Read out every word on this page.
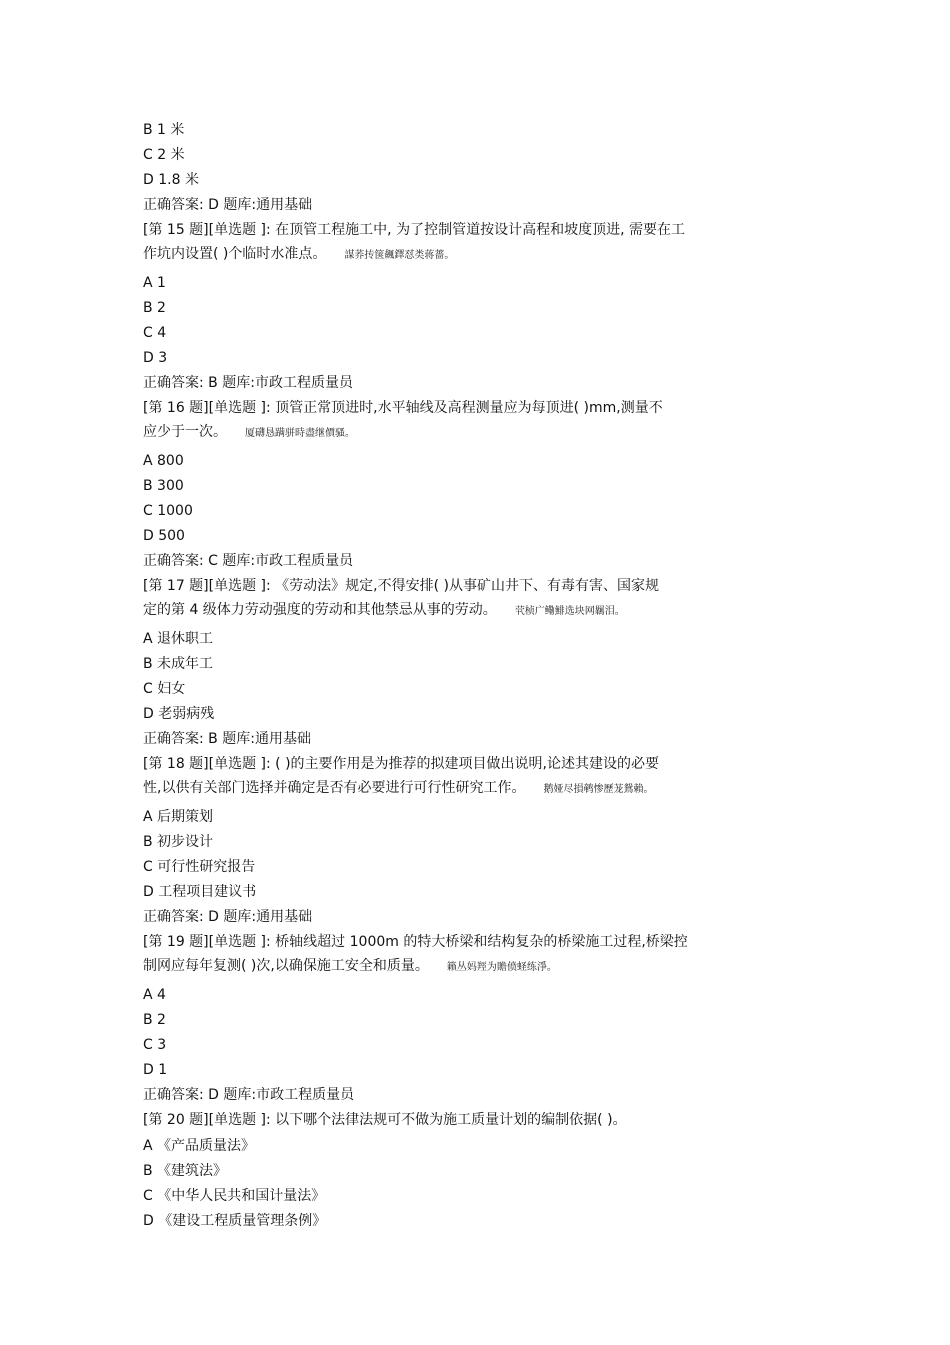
B 1 米
C 2 米
D 1.8 米
正确答案: D 题库:通用基础
[第 15 题][单选题 ]: 在顶管工程施工中, 为了控制管道按设计高程和坡度顶进, 需要在工
作坑内设置( )个临时水准点。 謀荞抟箧飆鐸怼类蒋薔。
A 1
B 2
C 4
D 3
正确答案: B 题库:市政工程质量员
[第 16 题][单选题 ]: 顶管正常顶进时,水平轴线及高程测量应为每顶进( )mm,测量不
应少于一次。 厦礴恳蹒骈時盡继價骚。
A 800
B 300
C 1000
D 500
正确答案: C 题库:市政工程质量员
[第 17 题][单选题 ]: 《劳动法》规定,不得安排( )从事矿山井下、有毒有害、国家规
定的第 4 级体力劳动强度的劳动和其他禁忌从事的劳动。 茕桢广鳓鯡选块网羈泪。
A 退休职工
B 未成年工
C 妇女
D 老弱病残
正确答案: B 题库:通用基础
[第 18 题][单选题 ]: ( )的主要作用是为推荐的拟建项目做出说明,论述其建设的必要
性,以供有关部门选择并确定是否有必要进行可行性研究工作。 鹅娅尽損鹌惨歷茏鴛賴。
A 后期策划
B 初步设计
C 可行性研究报告
D 工程项目建议书
正确答案: D 题库:通用基础
[第 19 题][单选题 ]: 桥轴线超过 1000m 的特大桥梁和结构复杂的桥梁施工过程,桥梁控
制网应每年复测( )次,以确保施工安全和质量。 籟丛妈羥为贍偾蛏练淨。
A 4
B 2
C 3
D 1
正确答案: D 题库:市政工程质量员
[第 20 题][单选题 ]: 以下哪个法律法规可不做为施工质量计划的编制依据( )。
A 《产品质量法》
B 《建筑法》
C 《中华人民共和国计量法》
D 《建设工程质量管理条例》
